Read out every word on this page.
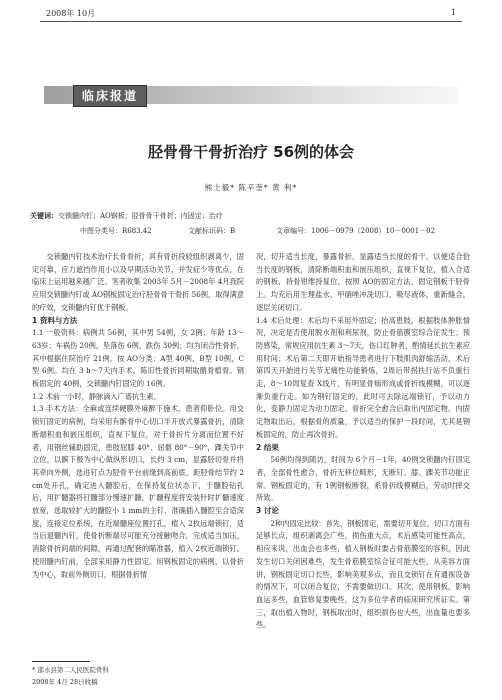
2008年 10月	1
临床报道
胫骨骨干骨折治疗 56例的体会
熊士毅* 陈辛奎* 黄 利*
关键词：交锁髓内钉；AO钢板；胫骨骨干骨折；内固定；治疗
中图分类号：R683.42	文献标识码：B	文章编号：1006－0979（2008）10－0001－02

交锁髓内钉技术治疗长骨骨折，具有骨折段较组织剥离少，固定可靠，应力遮挡作用小以及早期活动关节，并发症少等优点，在临床上运用越来越广泛。笔者收集 2003年 5月－2008年 4月我院应用交锁髓内钉或 AO钢板固定治疗胫骨骨干骨折 56例，取得满意的疗效，交锁髓内钉优于钢板。

1 资料与方法

1.1 一般资料：病例共 56例，其中男 54例，女 2例；年龄 13～63岁；车祸伤 20例，坠落伤 6例，跌伤 30例；均为闭合性骨折，其中根据住院治疗 21例。按 AO分类：A型 40例，B型 10例，C型 6例。均在 3 h～7天内手术，陈旧性骨折同期取髂骨植骨。钢板固定的 40例，交锁髓内钉固定的 16例。

1.2 术前一小时，静脉滴入广谱抗生素。

1.3 手术方法：全麻或连续硬膜外麻醉下施术，患者仰卧位。用交锁钉固定的病例，均采用有髌骨中心切口半开放式暴露骨折，清除断端积血和嵌压组织，直视下复位，对于骨折片分离而位置不好者，用钢丝辅助固定，患肢屈膝 40°、屈髂 80°－90°，踝关节中立位，以髌下极为中心做纵形切口，长约 3 cm，显露胫切骨并将其牵向外侧，选进钉点为胫骨平台前缘到高前底，距胫骨结节约 2 cm处开孔，确定进入髓腔后，在保持复位状态下，于髓腔钻孔后，用扩髓器将钉髓部分慢速扩髓，扩髓程度将安装针时扩髓速度放宽，选取较扩大的髓腔小 1 mm的主钉，准确插入髓腔至合适深度，连接定位系统，在近端髓座位置打孔，植入 2枚远端锁钉，适当后退髓内钉，使骨折断端尽可能充分接触吻合，完成适当加压，消除骨折间端的间隙，再通过配套的瞄准器，植入 2枚近端锁钉。使用髓内钉前，全部采用静力性固定。用钢板固定的病例，以骨折为中心，取前外侧切口，根据骨折情

况，切开适当长度，暴露骨折，显露适当长度的骨干，以便适合恰当长度的钢板，清除断端积血和嵌压组织，直视下复位，植入合适的钢板，持骨钳维持复位，按照 AO的固定方法，固定钢板于胫骨上。均充后用生理盐水、甲硝唑冲洗切口，吸尽液体，重新缝合，逐层关闭切口。

1.4 术后处理：术后均不采用外固定；抬高患肢，根据肢体肿胀情况，决定是否使用脱水剂和利尿剂，防止骨筋膜室综合征发生；预防感染，常规应用抗生素 3～7天，伤口红肿者，酌情延长抗生素应用时间；术后第二天即开始指导患者进行下肢肌肉舒缩活动，术后第四天开始进行关节无痛性功能锻炼，2周后带拐扶行站不负重行走，8～10周复查 X线片，有明显骨痂形成或骨折线模糊，可以逐渐负重行走。如为钢钉固定的，此时可去除远端锁钉，予以动力化，变静力固定为动力固定。骨折完全愈合后取出内固定物，内固定物取出后，根据骨的质量，予以适当的保护一段时间，尤其是钢板固定的，防止再次骨折。

2 结果

56例均得到随访，时间为 6个月－1年，40例交锁髓内钉固定者，全部骨性愈合，骨折无移位畸形，无断钉、膝、踝关节功能正常。钢板固定的，有 1例钢板断裂，系骨折线模糊后，劳动时摔交所致。

3 讨论

2种内固定比较：首先，钢板固定，需要切开复位，切口方面有足够长点，组织剥离会广些，损伤重大点，术后感染可能性高点，相应来说，出血会也多些，植入钢板时要占骨筋膜室的容积，因此发生切口关闭困难些，发生骨筋膜室综合征可能大些，从美容方面讲，钢板固定切口长些，影响美观多点，而且交锁钉在有通视设备的情况下，可以闭合复位，不需要做切口。其次，使用钢板，影响血运多些，血管修复要晚些，这为多位学者的临床研究所证实。第三，取出植入物时，钢板取出时，组织损伤也大些，出血量也要多些。

* 邵水县第二人民医院骨科
2008年 4月 28日收稿
